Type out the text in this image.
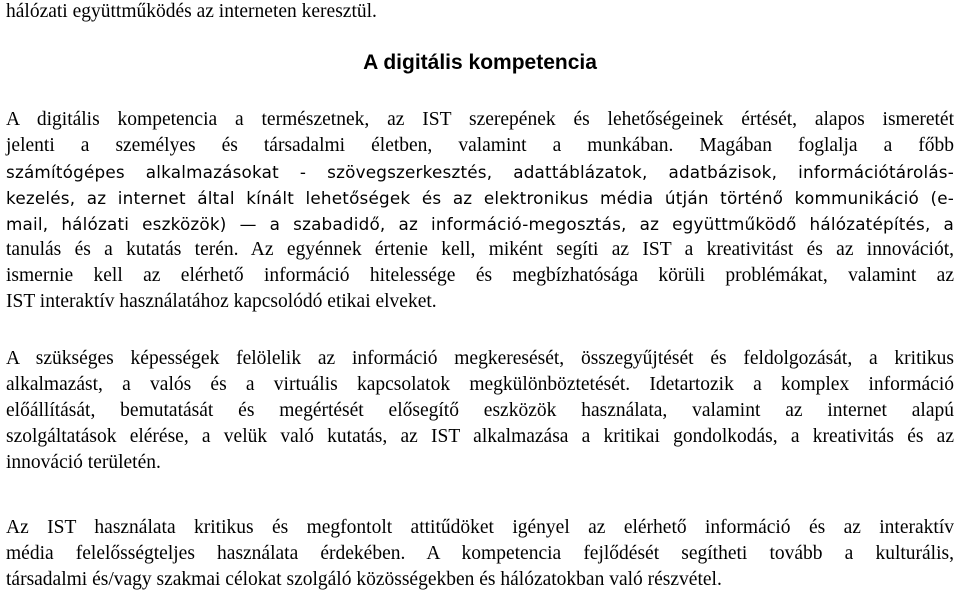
hálózati együttműködés az interneten keresztül.
A digitális kompetencia
A digitális kompetencia a természetnek, az IST szerepének és lehetőségeinek értését, alapos ismeretét
jelenti a személyes és társadalmi életben, valamint a munkában. Magában foglalja a főbb
számítógépes alkalmazásokat - szövegszerkesztés, adattáblázatok, adatbázisok, információtárolás-
kezelés, az internet által kínált lehetőségek és az elektronikus média útján történő kommunikáció (e-
mail, hálózati eszközök) — a szabadidő, az információ-megosztás, az együttműködő hálózatépítés, a
tanulás és a kutatás terén. Az egyénnek értenie kell, miként segíti az IST a kreativitást és az innovációt,
ismernie kell az elérhető információ hitelessége és megbízhatósága körüli problémákat, valamint az
IST interaktív használatához kapcsolódó etikai elveket.
A szükséges képességek felölelik az információ megkeresését, összegyűjtését és feldolgozását, a kritikus
alkalmazást, a valós és a virtuális kapcsolatok megkülönböztetését. Idetartozik a komplex információ
előállítását, bemutatását és megértését elősegítő eszközök használata, valamint az internet alapú
szolgáltatások elérése, a velük való kutatás, az IST alkalmazása a kritikai gondolkodás, a kreativitás és az
innováció területén.
Az IST használata kritikus és megfontolt attitűdöket igényel az elérhető információ és az interaktív
média felelősségteljes használata érdekében. A kompetencia fejlődését segítheti tovább a kulturális,
társadalmi és/vagy szakmai célokat szolgáló közösségekben és hálózatokban való részvétel.
